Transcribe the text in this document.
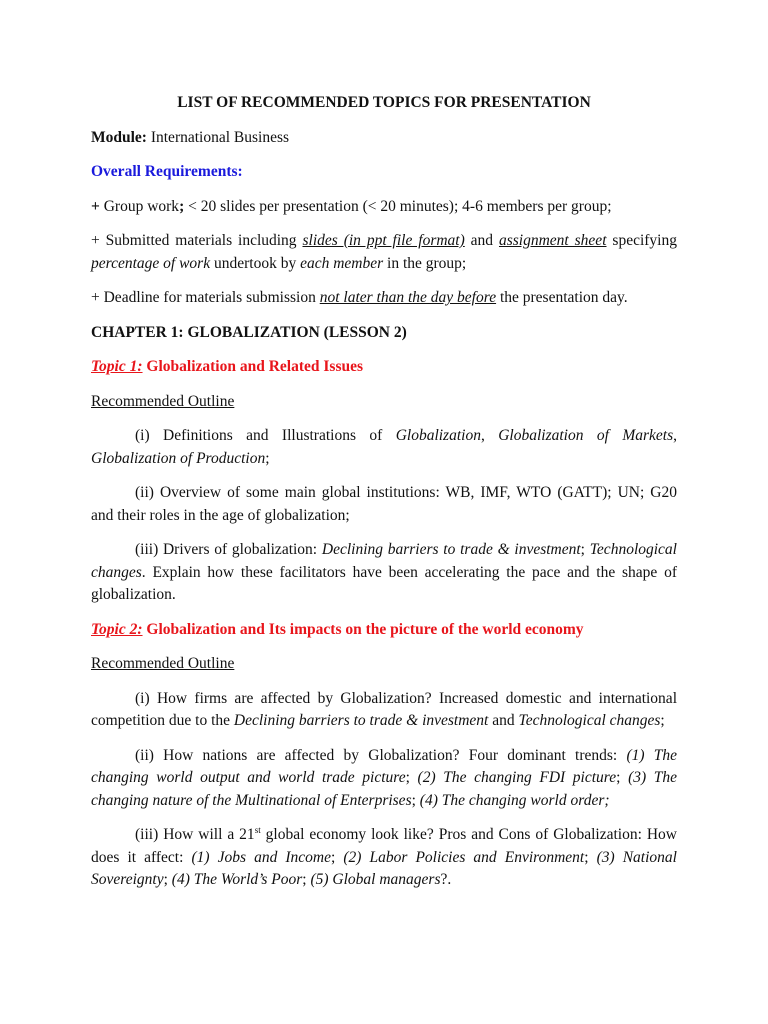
LIST OF RECOMMENDED TOPICS FOR PRESENTATION

Module: International Business

Overall Requirements:

+ Group work; < 20 slides per presentation (< 20 minutes); 4-6 members per group;

+ Submitted materials including slides (in ppt file format) and assignment sheet specifying percentage of work undertook by each member in the group;

+ Deadline for materials submission not later than the day before the presentation day.

CHAPTER 1: GLOBALIZATION (LESSON 2)

Topic 1: Globalization and Related Issues

Recommended Outline

(i) Definitions and Illustrations of Globalization, Globalization of Markets, Globalization of Production;

(ii) Overview of some main global institutions: WB, IMF, WTO (GATT); UN; G20 and their roles in the age of globalization;

(iii) Drivers of globalization: Declining barriers to trade & investment; Technological changes. Explain how these facilitators have been accelerating the pace and the shape of globalization.

Topic 2: Globalization and Its impacts on the picture of the world economy

Recommended Outline

(i) How firms are affected by Globalization? Increased domestic and international competition due to the Declining barriers to trade & investment and Technological changes;

(ii) How nations are affected by Globalization? Four dominant trends: (1) The changing world output and world trade picture; (2) The changing FDI picture; (3) The changing nature of the Multinational of Enterprises; (4) The changing world order;

(iii) How will a 21st global economy look like? Pros and Cons of Globalization: How does it affect: (1) Jobs and Income; (2) Labor Policies and Environment; (3) National Sovereignty; (4) The World’s Poor; (5) Global managers?.
